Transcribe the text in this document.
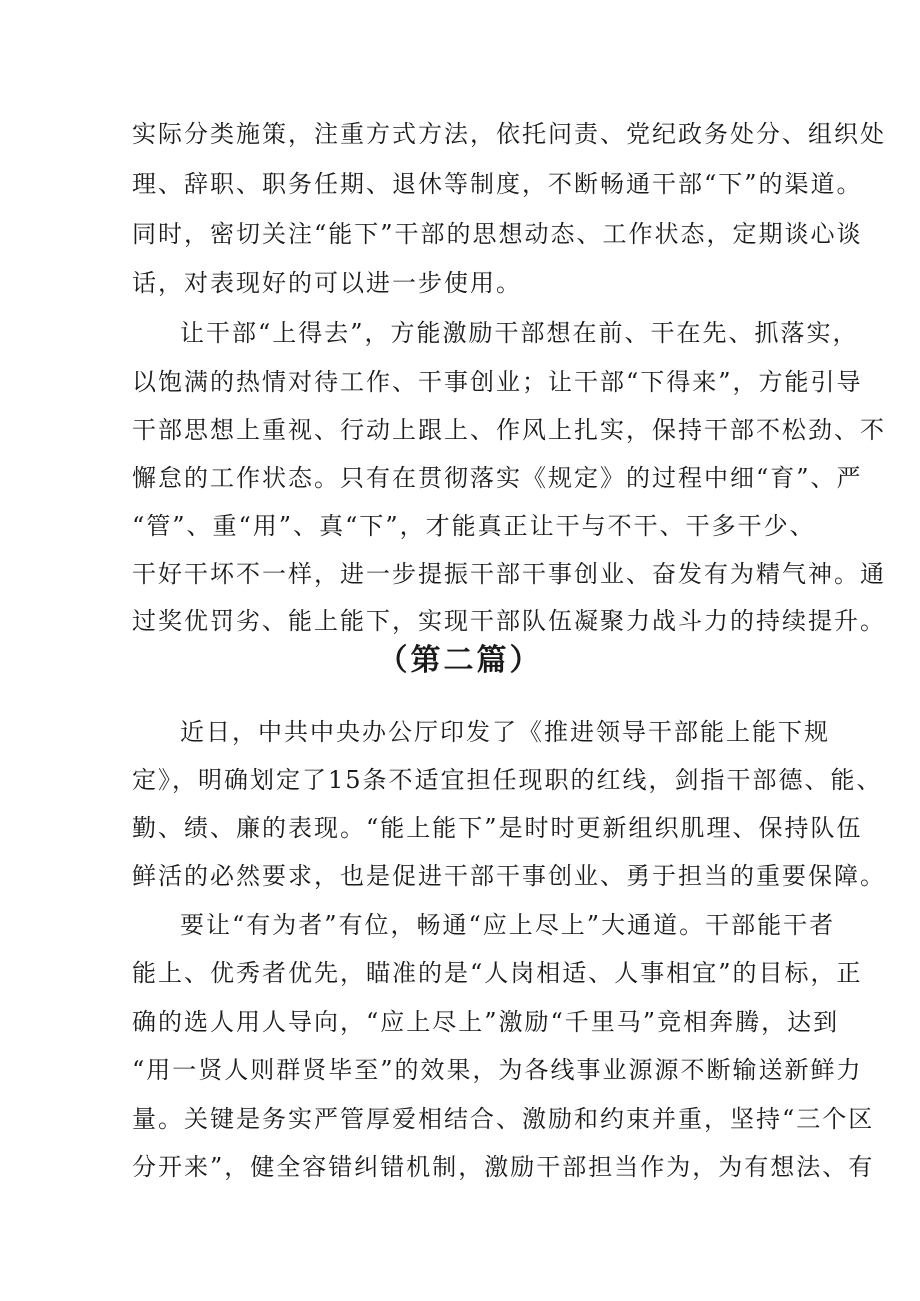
实际分类施策，注重方式方法，依托问责、党纪政务处分、组织处
理、辞职、职务任期、退休等制度，不断畅通干部“下”的渠道。
同时，密切关注“能下”干部的思想动态、工作状态，定期谈心谈
话，对表现好的可以进一步使用。
让干部“上得去”，方能激励干部想在前、干在先、抓落实，
以饱满的热情对待工作、干事创业；让干部“下得来”，方能引导
干部思想上重视、行动上跟上、作风上扎实，保持干部不松劲、不
懈怠的工作状态。只有在贯彻落实《规定》的过程中细“育”、严
“管”、重“用”、真“下”，才能真正让干与不干、干多干少、
干好干坏不一样，进一步提振干部干事创业、奋发有为精气神。通
过奖优罚劣、能上能下，实现干部队伍凝聚力战斗力的持续提升。
（第二篇）
近日，中共中央办公厅印发了《推进领导干部能上能下规
定》，明确划定了15条不适宜担任现职的红线，剑指干部德、能、
勤、绩、廉的表现。“能上能下”是时时更新组织肌理、保持队伍
鲜活的必然要求，也是促进干部干事创业、勇于担当的重要保障。
要让“有为者”有位，畅通“应上尽上”大通道。干部能干者
能上、优秀者优先，瞄准的是“人岗相适、人事相宜”的目标，正
确的选人用人导向，“应上尽上”激励“千里马”竞相奔腾，达到
“用一贤人则群贤毕至”的效果，为各线事业源源不断输送新鲜力
量。关键是务实严管厚爱相结合、激励和约束并重，坚持“三个区
分开来”，健全容错纠错机制，激励干部担当作为，为有想法、有
